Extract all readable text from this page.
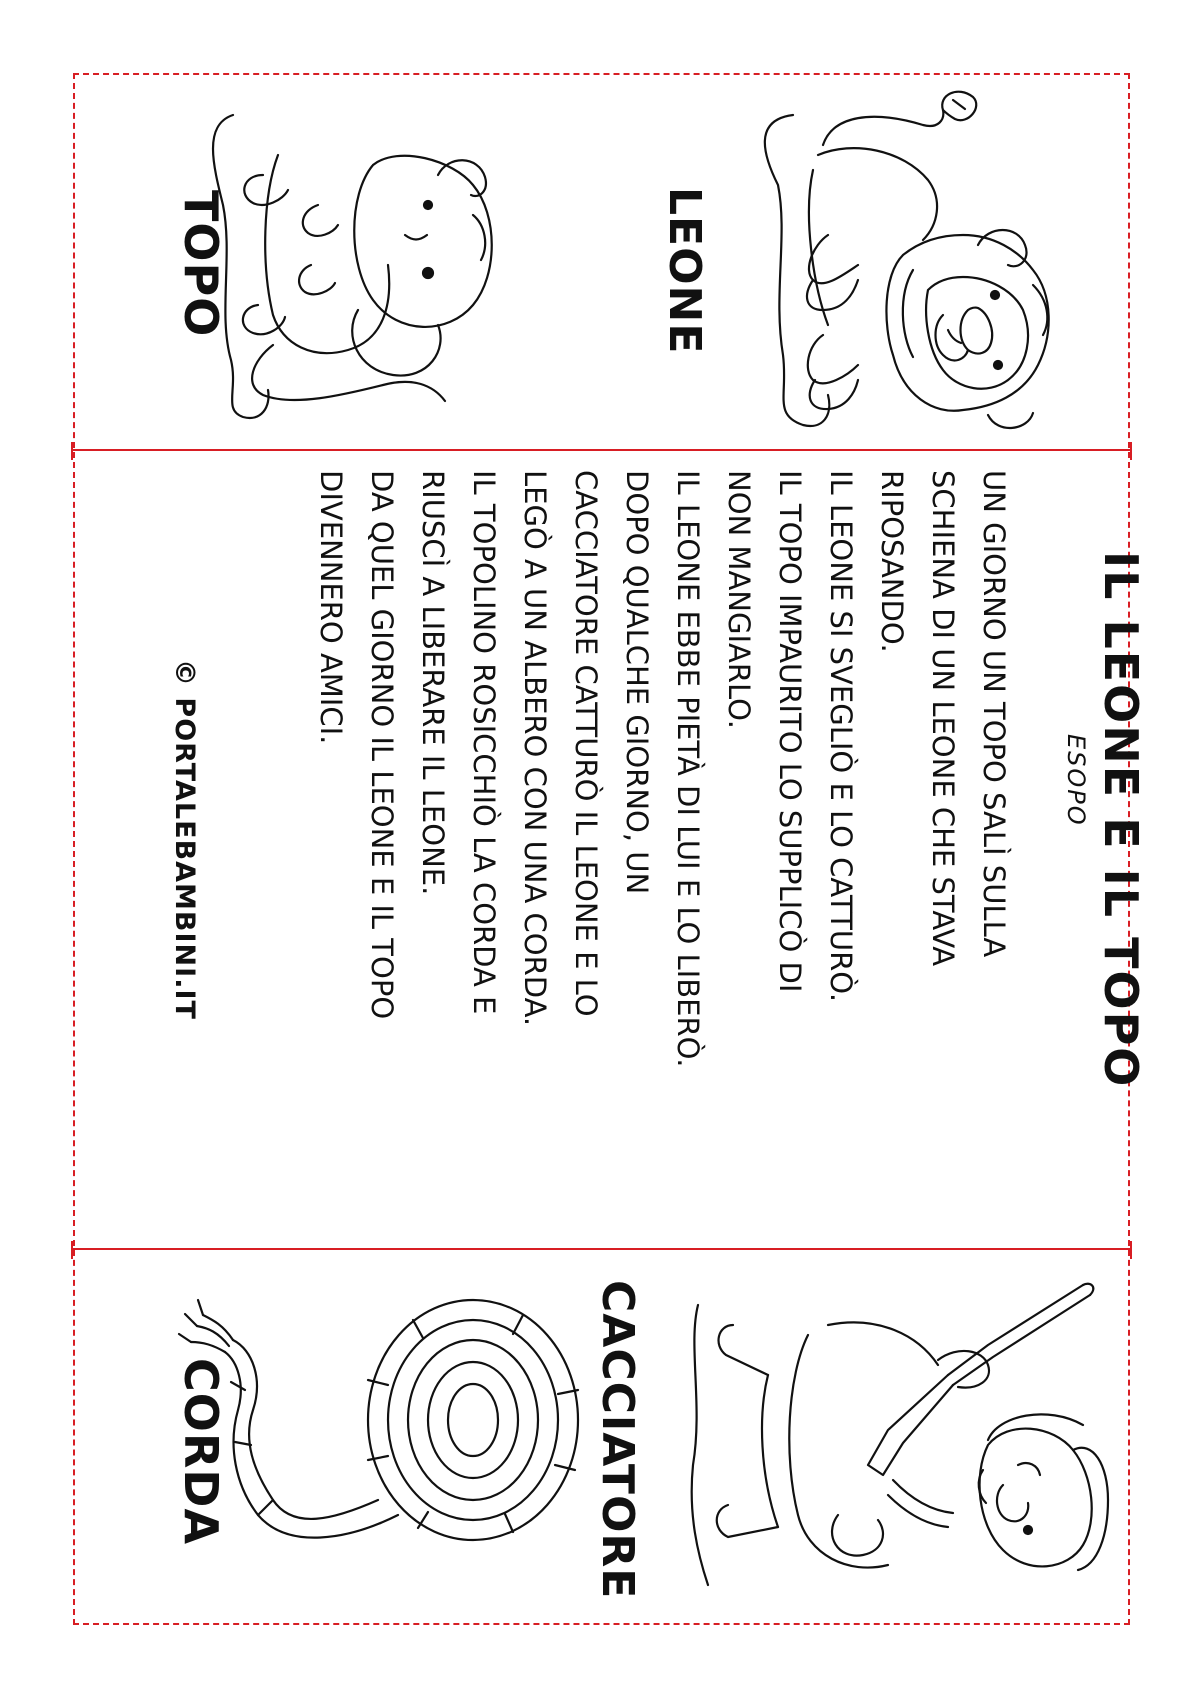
LEONE
TOPO
IL LEONE E IL TOPO
ESOPO
UN GIORNO UN TOPO SALÌ SULLA
SCHIENA DI UN LEONE CHE STAVA
RIPOSANDO.
IL LEONE SI SVEGLIÒ E LO CATTURÒ.
IL TOPO IMPAURITO LO SUPPLICÒ DI
NON MANGIARLO.
IL LEONE EBBE PIETÀ DI LUI E LO LIBERÒ.
DOPO QUALCHE GIORNO, UN
CACCIATORE CATTURÒ IL LEONE E LO
LEGÒ A UN ALBERO CON UNA CORDA.
IL TOPOLINO ROSICCHIÒ LA CORDA E
RIUSCÌ A LIBERARE IL LEONE.
DA QUEL GIORNO IL LEONE E IL TOPO
DIVENNERO AMICI.
© PORTALEBAMBINI.IT
CACCIATORE
CORDA
